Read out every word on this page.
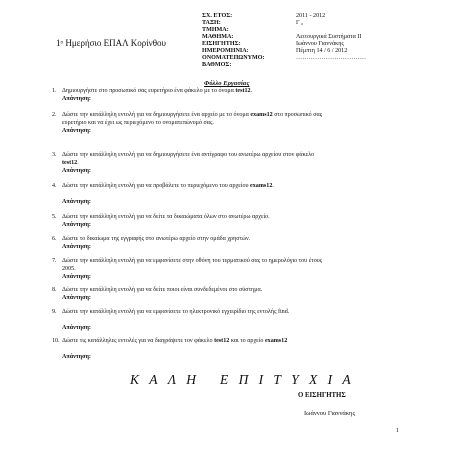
1ᵒ Ημερήσιο ΕΠΑΛ Κορίνθου
ΣΧ. ΕΤΟΣ:	2011 - 2012
ΤΑΞΗ:	Γ ₀
ΤΜΗΜΑ:
ΜΑΘΗΜΑ:	Λειτουργικά Συστήματα ΙΙ
ΕΙΣΗΓΗΤΗΣ:	Ιωάννου Γιαννάκης
ΗΜΕΡΟΜΗΝΙΑ:	Πέμπτη 14 / 6 / 2012
ΟΝΟΜΑΤΕΠΩΝΥΜΟ:	……………………………
ΒΑΘΜΟΣ:
Φύλλο Εργασίας
1. Δημιουργήστε στο προσωπικό σας ευρετήριο ένα φάκελο με το όνομα test12.
Απάντηση:
2. Δώστε την κατάλληλη εντολή για να δημιουργήσετε ένα αρχείο με το όνομα exams12 στο προσωπικό σας ευρετήριο και να έχει ως περιεχόμενο το ονοματεπώνυμό σας.
Απάντηση:
3. Δώστε την κατάλληλη εντολή για να δημιουργήσετε ένα αντίγραφο του ανωτέρω αρχείου στον φάκελο test12.
Απάντηση:
4. Δώστε την κατάλληλη εντολή για να προβάλετε το περιεχόμενο του αρχείου exams12.
Απάντηση:
5. Δώστε την κατάλληλη εντολή για να δείτε τα δικαιώματα όλων στο ανωτέρω αρχείο.
Απάντηση:
6. Δώστε το δικαίωμα της εγγραφής στο ανωτέρω αρχείο στην ομάδα χρηστών.
Απάντηση:
7. Δώστε την κατάλληλη εντολή για να εμφανίσετε στην οθόνη του τερματικού σας το ημερολόγιο του έτους 2005.
Απάντηση:
8. Δώστε την κατάλληλη εντολή για να δείτε ποιοι είναι συνδεδεμένοι στο σύστημα.
Απάντηση:
9. Δώστε την κατάλληλη εντολή για να εμφανίσετε το ηλεκτρονικό εγχειρίδιο της εντολής find.
Απάντηση:
10. Δώστε τις κατάλληλες εντολές για να διαγράψετε τον φάκελο test12 και το αρχείο exams12
Απάντηση:
ΚΑΛΗ ΕΠΙΤΥΧΙΑ
Ο ΕΙΣΗΓΗΤΗΣ
Ιωάννου Γιαννάκης
1
